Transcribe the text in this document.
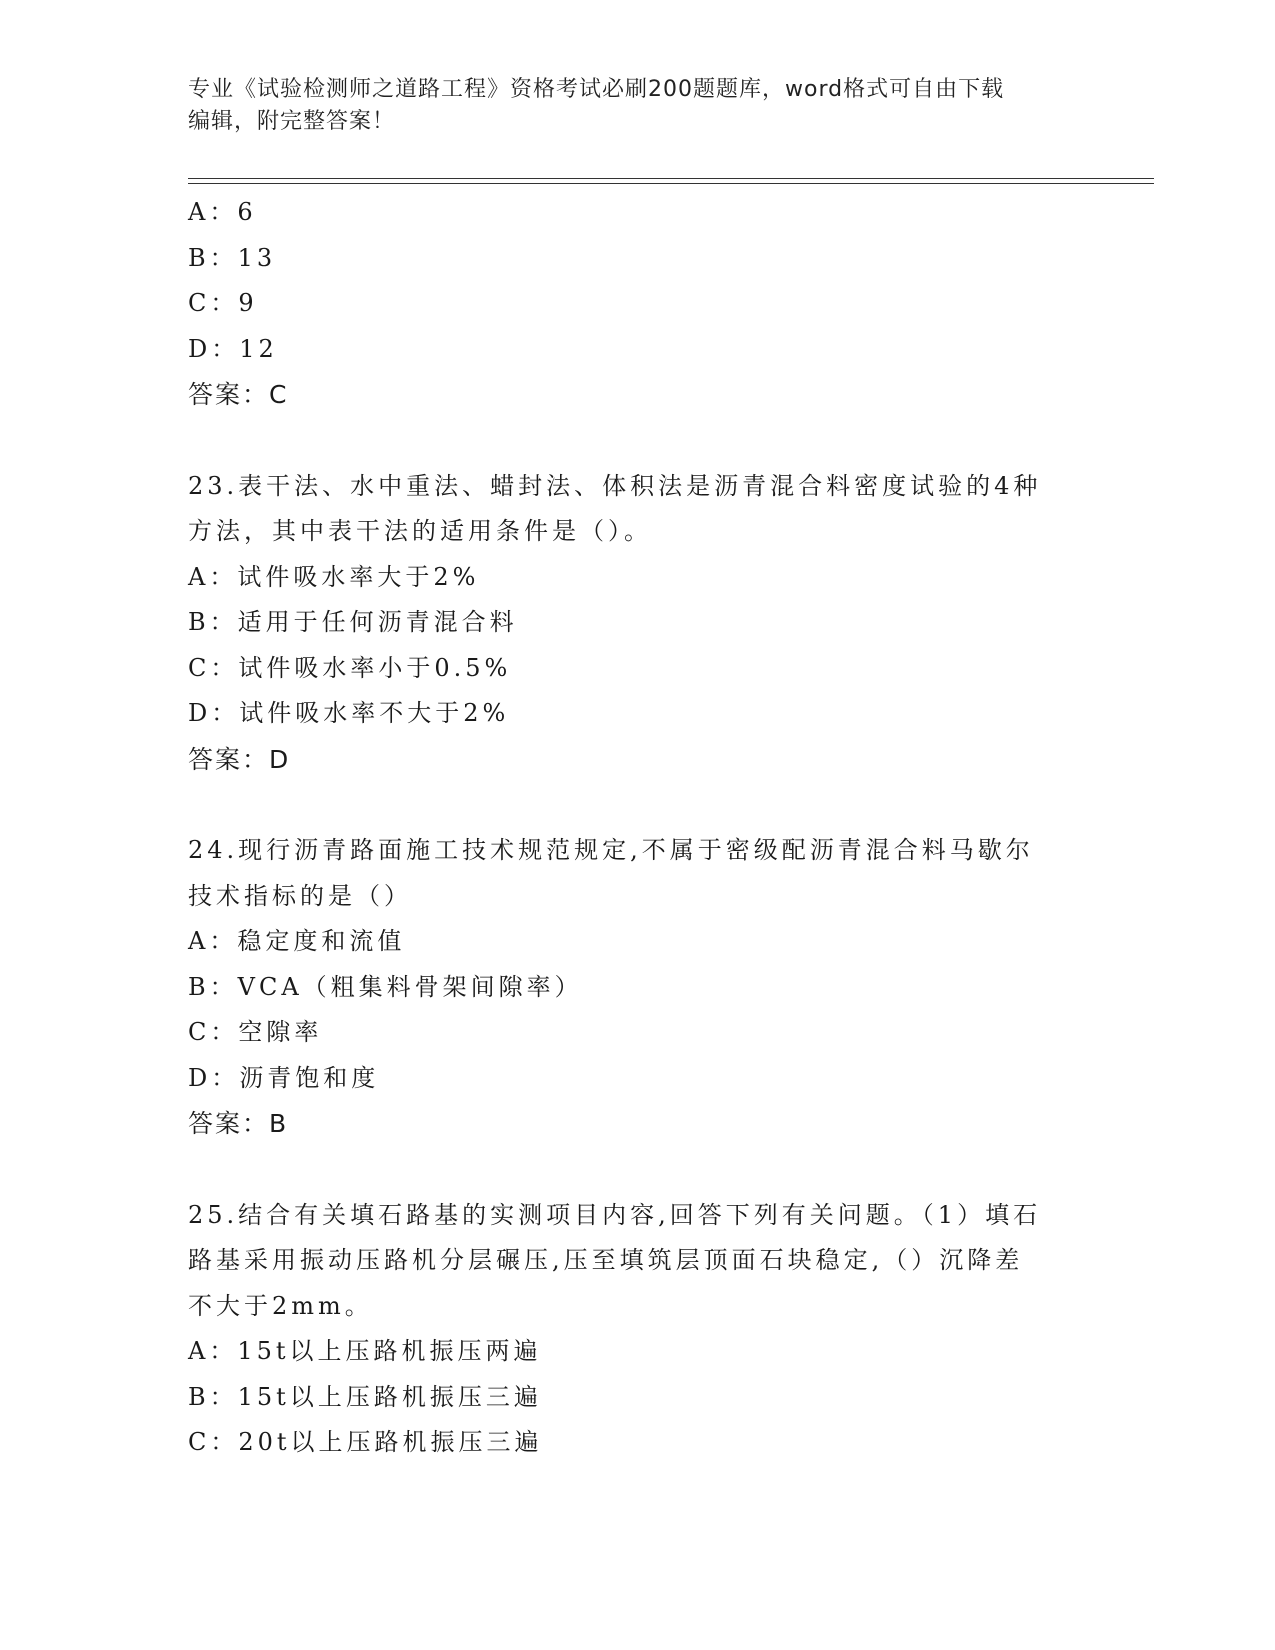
专业《试验检测师之道路工程》资格考试必刷200题题库，word格式可自由下载
编辑，附完整答案！
A：6
B：13
C：9
D：12
答案：C
23.表干法、水中重法、蜡封法、体积法是沥青混合料密度试验的4种
方法，其中表干法的适用条件是（）。
A：试件吸水率大于2%
B：适用于任何沥青混合料
C：试件吸水率小于0.5%
D：试件吸水率不大于2%
答案：D
24.现行沥青路面施工技术规范规定,不属于密级配沥青混合料马歇尔
技术指标的是（）
A：稳定度和流值
B：VCA（粗集料骨架间隙率）
C：空隙率
D：沥青饱和度
答案：B
25.结合有关填石路基的实测项目内容,回答下列有关问题。（1）填石
路基采用振动压路机分层碾压,压至填筑层顶面石块稳定,（）沉降差
不大于2mm。
A：15t以上压路机振压两遍
B：15t以上压路机振压三遍
C：20t以上压路机振压三遍
